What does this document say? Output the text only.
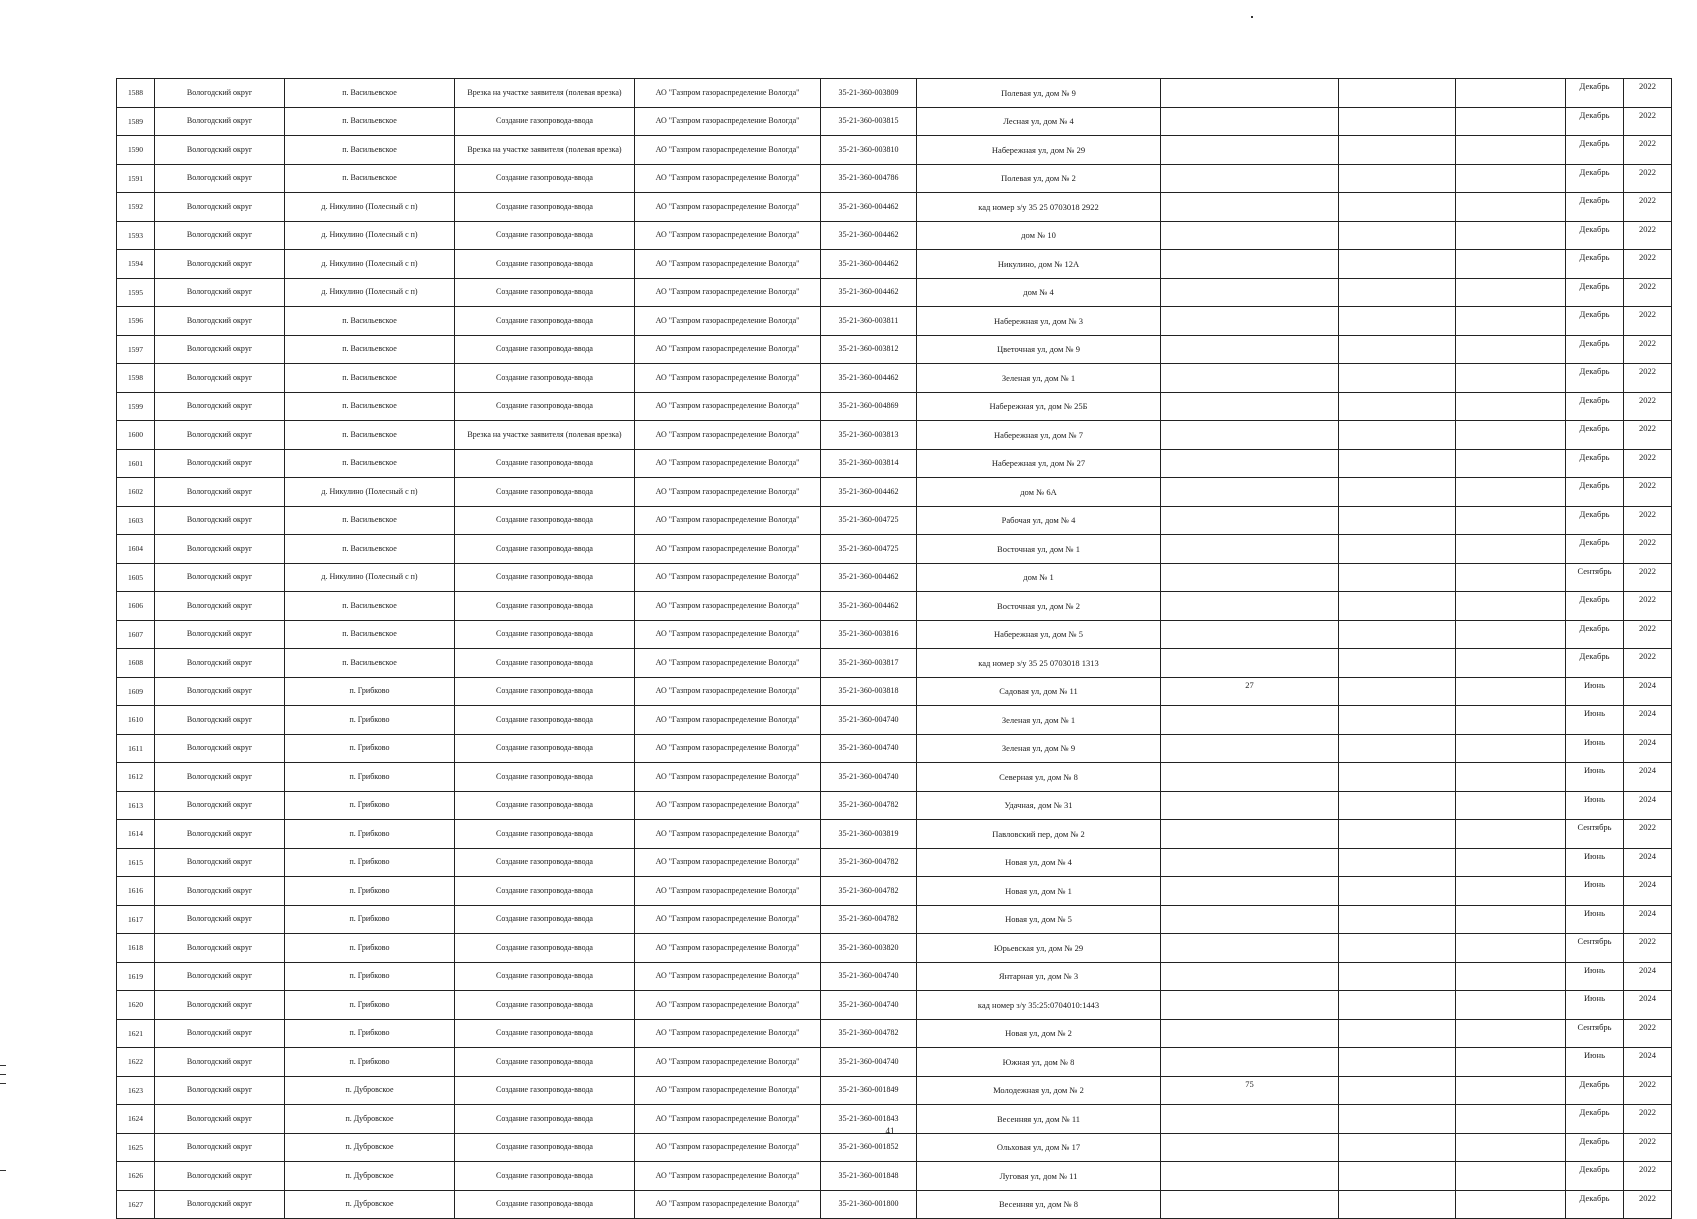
1588	Вологодский округ	п. Васильевское	Врезка на участке заявителя (полевая врезка)	АО "Газпром газораспределение Вологда"	35-21-360-003809	Полевая ул, дом № 9				Декабрь	2022
1589	Вологодский округ	п. Васильевское	Создание газопровода-ввода	АО "Газпром газораспределение Вологда"	35-21-360-003815	Лесная ул, дом № 4				Декабрь	2022
1590	Вологодский округ	п. Васильевское	Врезка на участке заявителя (полевая врезка)	АО "Газпром газораспределение Вологда"	35-21-360-003810	Набережная ул, дом № 29				Декабрь	2022
1591	Вологодский округ	п. Васильевское	Создание газопровода-ввода	АО "Газпром газораспределение Вологда"	35-21-360-004786	Полевая ул, дом № 2				Декабрь	2022
1592	Вологодский округ	д. Никулино (Полесный с п)	Создание газопровода-ввода	АО "Газпром газораспределение Вологда"	35-21-360-004462	кад номер з/у 35 25 0703018 2922				Декабрь	2022
1593	Вологодский округ	д. Никулино (Полесный с п)	Создание газопровода-ввода	АО "Газпром газораспределение Вологда"	35-21-360-004462	дом № 10				Декабрь	2022
1594	Вологодский округ	д. Никулино (Полесный с п)	Создание газопровода-ввода	АО "Газпром газораспределение Вологда"	35-21-360-004462	Никулино, дом № 12А				Декабрь	2022
1595	Вологодский округ	д. Никулино (Полесный с п)	Создание газопровода-ввода	АО "Газпром газораспределение Вологда"	35-21-360-004462	дом № 4				Декабрь	2022
1596	Вологодский округ	п. Васильевское	Создание газопровода-ввода	АО "Газпром газораспределение Вологда"	35-21-360-003811	Набережная ул, дом № 3				Декабрь	2022
1597	Вологодский округ	п. Васильевское	Создание газопровода-ввода	АО "Газпром газораспределение Вологда"	35-21-360-003812	Цветочная ул, дом № 9				Декабрь	2022
1598	Вологодский округ	п. Васильевское	Создание газопровода-ввода	АО "Газпром газораспределение Вологда"	35-21-360-004462	Зеленая ул, дом № 1				Декабрь	2022
1599	Вологодский округ	п. Васильевское	Создание газопровода-ввода	АО "Газпром газораспределение Вологда"	35-21-360-004869	Набережная ул, дом № 25Б				Декабрь	2022
1600	Вологодский округ	п. Васильевское	Врезка на участке заявителя (полевая врезка)	АО "Газпром газораспределение Вологда"	35-21-360-003813	Набережная ул, дом № 7				Декабрь	2022
1601	Вологодский округ	п. Васильевское	Создание газопровода-ввода	АО "Газпром газораспределение Вологда"	35-21-360-003814	Набережная ул, дом № 27				Декабрь	2022
1602	Вологодский округ	д. Никулино (Полесный с п)	Создание газопровода-ввода	АО "Газпром газораспределение Вологда"	35-21-360-004462	дом № 6А				Декабрь	2022
1603	Вологодский округ	п. Васильевское	Создание газопровода-ввода	АО "Газпром газораспределение Вологда"	35-21-360-004725	Рабочая ул, дом № 4				Декабрь	2022
1604	Вологодский округ	п. Васильевское	Создание газопровода-ввода	АО "Газпром газораспределение Вологда"	35-21-360-004725	Восточная ул, дом № 1				Декабрь	2022
1605	Вологодский округ	д. Никулино (Полесный с п)	Создание газопровода-ввода	АО "Газпром газораспределение Вологда"	35-21-360-004462	дом № 1				Сентябрь	2022
1606	Вологодский округ	п. Васильевское	Создание газопровода-ввода	АО "Газпром газораспределение Вологда"	35-21-360-004462	Восточная ул, дом № 2				Декабрь	2022
1607	Вологодский округ	п. Васильевское	Создание газопровода-ввода	АО "Газпром газораспределение Вологда"	35-21-360-003816	Набережная ул, дом № 5				Декабрь	2022
1608	Вологодский округ	п. Васильевское	Создание газопровода-ввода	АО "Газпром газораспределение Вологда"	35-21-360-003817	кад номер з/у 35 25 0703018 1313				Декабрь	2022
1609	Вологодский округ	п. Грибково	Создание газопровода-ввода	АО "Газпром газораспределение Вологда"	35-21-360-003818	Садовая ул, дом № 11	27			Июнь	2024
1610	Вологодский округ	п. Грибково	Создание газопровода-ввода	АО "Газпром газораспределение Вологда"	35-21-360-004740	Зеленая ул, дом № 1				Июнь	2024
1611	Вологодский округ	п. Грибково	Создание газопровода-ввода	АО "Газпром газораспределение Вологда"	35-21-360-004740	Зеленая ул, дом № 9				Июнь	2024
1612	Вологодский округ	п. Грибково	Создание газопровода-ввода	АО "Газпром газораспределение Вологда"	35-21-360-004740	Северная ул, дом № 8				Июнь	2024
1613	Вологодский округ	п. Грибково	Создание газопровода-ввода	АО "Газпром газораспределение Вологда"	35-21-360-004782	Удачная, дом № 31				Июнь	2024
1614	Вологодский округ	п. Грибково	Создание газопровода-ввода	АО "Газпром газораспределение Вологда"	35-21-360-003819	Павловский пер, дом № 2				Сентябрь	2022
1615	Вологодский округ	п. Грибково	Создание газопровода-ввода	АО "Газпром газораспределение Вологда"	35-21-360-004782	Новая ул, дом № 4				Июнь	2024
1616	Вологодский округ	п. Грибково	Создание газопровода-ввода	АО "Газпром газораспределение Вологда"	35-21-360-004782	Новая ул, дом № 1				Июнь	2024
1617	Вологодский округ	п. Грибково	Создание газопровода-ввода	АО "Газпром газораспределение Вологда"	35-21-360-004782	Новая ул, дом № 5				Июнь	2024
1618	Вологодский округ	п. Грибково	Создание газопровода-ввода	АО "Газпром газораспределение Вологда"	35-21-360-003820	Юрьевская ул, дом № 29				Сентябрь	2022
1619	Вологодский округ	п. Грибково	Создание газопровода-ввода	АО "Газпром газораспределение Вологда"	35-21-360-004740	Янтарная ул, дом № 3				Июнь	2024
1620	Вологодский округ	п. Грибково	Создание газопровода-ввода	АО "Газпром газораспределение Вологда"	35-21-360-004740	кад номер з/у 35:25:0704010:1443				Июнь	2024
1621	Вологодский округ	п. Грибково	Создание газопровода-ввода	АО "Газпром газораспределение Вологда"	35-21-360-004782	Новая ул, дом № 2				Сентябрь	2022
1622	Вологодский округ	п. Грибково	Создание газопровода-ввода	АО "Газпром газораспределение Вологда"	35-21-360-004740	Южная ул, дом № 8				Июнь	2024
1623	Вологодский округ	п. Дубровское	Создание газопровода-ввода	АО "Газпром газораспределение Вологда"	35-21-360-001849	Молодежная ул, дом № 2	75			Декабрь	2022
1624	Вологодский округ	п. Дубровское	Создание газопровода-ввода	АО "Газпром газораспределение Вологда"	35-21-360-001843	Весенняя ул, дом № 11				Декабрь	2022
1625	Вологодский округ	п. Дубровское	Создание газопровода-ввода	АО "Газпром газораспределение Вологда"	35-21-360-001852	Ольховая ул, дом № 17				Декабрь	2022
1626	Вологодский округ	п. Дубровское	Создание газопровода-ввода	АО "Газпром газораспределение Вологда"	35-21-360-001848	Луговая ул, дом № 11				Декабрь	2022
1627	Вологодский округ	п. Дубровское	Создание газопровода-ввода	АО "Газпром газораспределение Вологда"	35-21-360-001800	Весенняя ул, дом № 8				Декабрь	2022
41
